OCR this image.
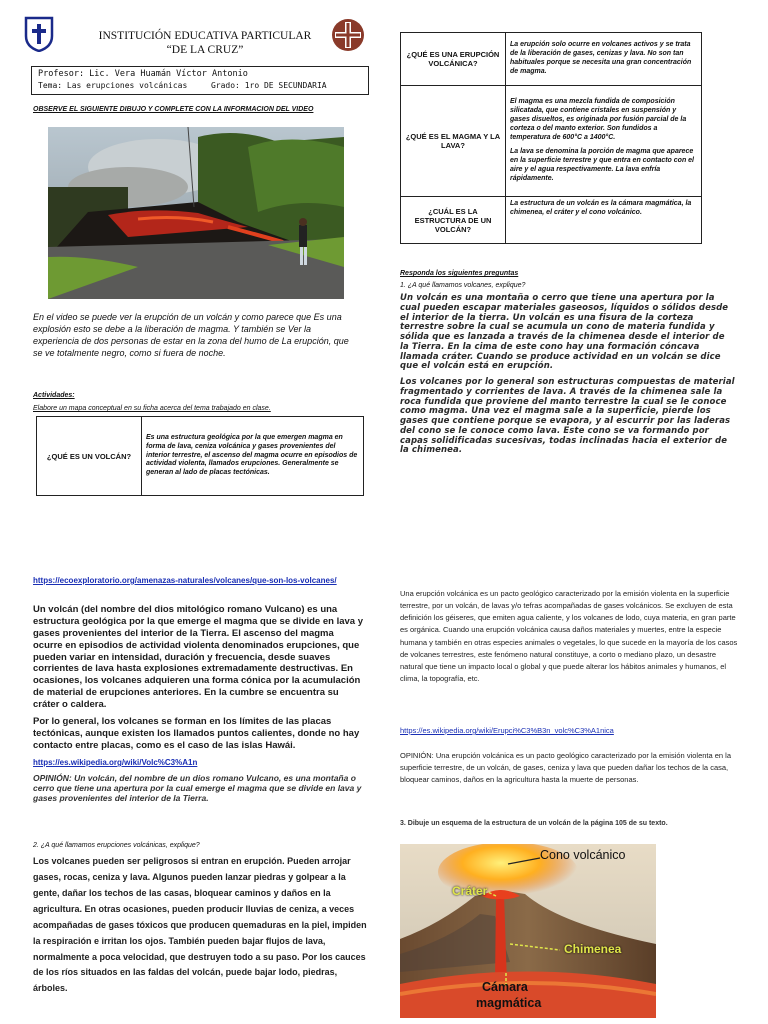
INSTITUCIÓN EDUCATIVA PARTICULAR
“DE LA CRUZ”
Profesor: Lic. Vera Huamán Víctor Antonio
Tema: Las erupciones volcánicas	Grado: 1ro DE SECUNDARIA
OBSERVE EL SIGUIENTE DIBUJO Y COMPLETE CON LA INFORMACION DEL VIDEO
En el video se puede ver la erupción de un volcán y como parece que Es una explosión esto se debe a la liberación de magma. Y también se Ver la experiencia de dos personas de estar en la zona del humo de La erupción, que se ve totalmente negro, como si fuera de noche.
Actividades:
Elabore un mapa conceptual en su ficha acerca del tema trabajado en clase.
¿QUÉ ES UN VOLCÁN?	Es una estructura geológica por la que emergen magma en forma de lava, ceniza volcánica y gases provenientes del interior terrestre, el ascenso del magma ocurre en episodios de actividad violenta, llamados erupciones. Generalmente se generan al lado de placas tectónicas.
¿QUÉ ES UNA ERUPCIÓN VOLCÁNICA?	La erupción solo ocurre en volcanes activos y se trata de la liberación de gases, cenizas y lava. No son tan habituales porque se necesita una gran concentración de magma.
¿QUÉ ES EL MAGMA Y LA LAVA?	El magma es una mezcla fundida de composición silicatada, que contiene cristales en suspensión y gases disueltos, es originada por fusión parcial de la corteza o del manto exterior. Son fundidos a temperatura de 600°C a 1400°C.
La lava se denomina la porción de magma que aparece en la superficie terrestre y que entra en contacto con el aire y el agua respectivamente. La lava enfría rápidamente.

¿CUÁL ES LA ESTRUCTURA DE UN VOLCÁN?	La estructura de un volcán es la cámara magmática, la chimenea, el cráter y el cono volcánico.
Responda los siguientes preguntas
1. ¿A qué llamamos volcanes, explique?

Un volcán es una montaña o cerro que tiene una apertura por la cual pueden escapar materiales gaseosos, líquidos o sólidos desde el interior de la tierra. Un volcán es una fisura de la corteza terrestre sobre la cual se acumula un cono de materia fundida y sólida que es lanzada a través de la chimenea desde el interior de la Tierra. En la cima de este cono hay una formación cóncava llamada cráter. Cuando se produce actividad en un volcán se dice que el volcán está en erupción.

Los volcanes por lo general son estructuras compuestas de material fragmentado y corrientes de lava. A través de la chimenea sale la roca fundida que proviene del manto terrestre la cual se le conoce como magma. Una vez el magma sale a la superficie, pierde los gases que contiene porque se evapora, y al escurrir por las laderas del cono se le conoce como lava. Este cono se va formando por capas solidificadas sucesivas, todas inclinadas hacia el exterior de la chimenea.

https://ecoexploratorio.org/amenazas-naturales/volcanes/que-son-los-volcanes/
Un volcán (del nombre del dios mitológico romano Vulcano) es una estructura geológica por la que emerge el magma que se divide en lava y gases provenientes del interior de la Tierra. El ascenso del magma ocurre en episodios de actividad violenta denominados erupciones, que pueden variar en intensidad, duración y frecuencia, desde suaves corrientes de lava hasta explosiones extremadamente destructivas. En ocasiones, los volcanes adquieren una forma cónica por la acumulación de material de erupciones anteriores. En la cumbre se encuentra su cráter o caldera.
Por lo general, los volcanes se forman en los límites de las placas tectónicas, aunque existen los llamados puntos calientes, donde no hay contacto entre placas, como es el caso de las islas Hawái.
https://es.wikipedia.org/wiki/Volc%C3%A1n
OPINIÓN: Un volcán, del nombre de un dios romano Vulcano, es una montaña o cerro que tiene una apertura por la cual emerge el magma que se divide en lava y gases provenientes del interior de la Tierra.
2. ¿A qué llamamos erupciones volcánicas, explique?
Los volcanes pueden ser peligrosos si entran en erupción. Pueden arrojar gases, rocas, ceniza y lava. Algunos pueden lanzar piedras y golpear a la gente, dañar los techos de las casas, bloquear caminos y daños en la agricultura. En otras ocasiones, pueden producir lluvias de ceniza, a veces acompañadas de gases tóxicos que producen quemaduras en la piel, impiden la respiración e irritan los ojos. También pueden bajar flujos de lava, normalmente a poca velocidad, que destruyen todo a su paso. Por los cauces de los ríos situados en las faldas del volcán, puede bajar lodo, piedras, árboles.
Una erupción volcánica es un pacto geológico caracterizado por la emisión violenta en la superficie terrestre, por un volcán, de lavas y/o tefras acompañadas de gases volcánicos. Se excluyen de esta definición los géiseres, que emiten agua caliente, y los volcanes de lodo, cuya materia, en gran parte es orgánica. Cuando una erupción volcánica causa daños materiales y muertes, entre la especie humana y también en otras especies animales o vegetales, lo que sucede en la mayoría de los casos de volcanes terrestres, este fenómeno natural constituye, a corto o mediano plazo, un desastre natural que tiene un impacto local o global y que puede alterar los hábitos animales y humanos, el clima, la topografía, etc.
https://es.wikipedia.org/wiki/Erupci%C3%B3n_volc%C3%A1nica
OPINIÓN: Una erupción volcánica es un pacto geológico caracterizado por la emisión violenta en la superficie terrestre, de un volcán, de gases, ceniza y lava que pueden dañar los techos de la casa, bloquear caminos, daños en la agricultura hasta la muerte de personas.
3. Dibuje un esquema de la estructura de un volcán de la página 105 de su texto.
Cono volcánico
Cráter
Chimenea
Cámara
magmática
